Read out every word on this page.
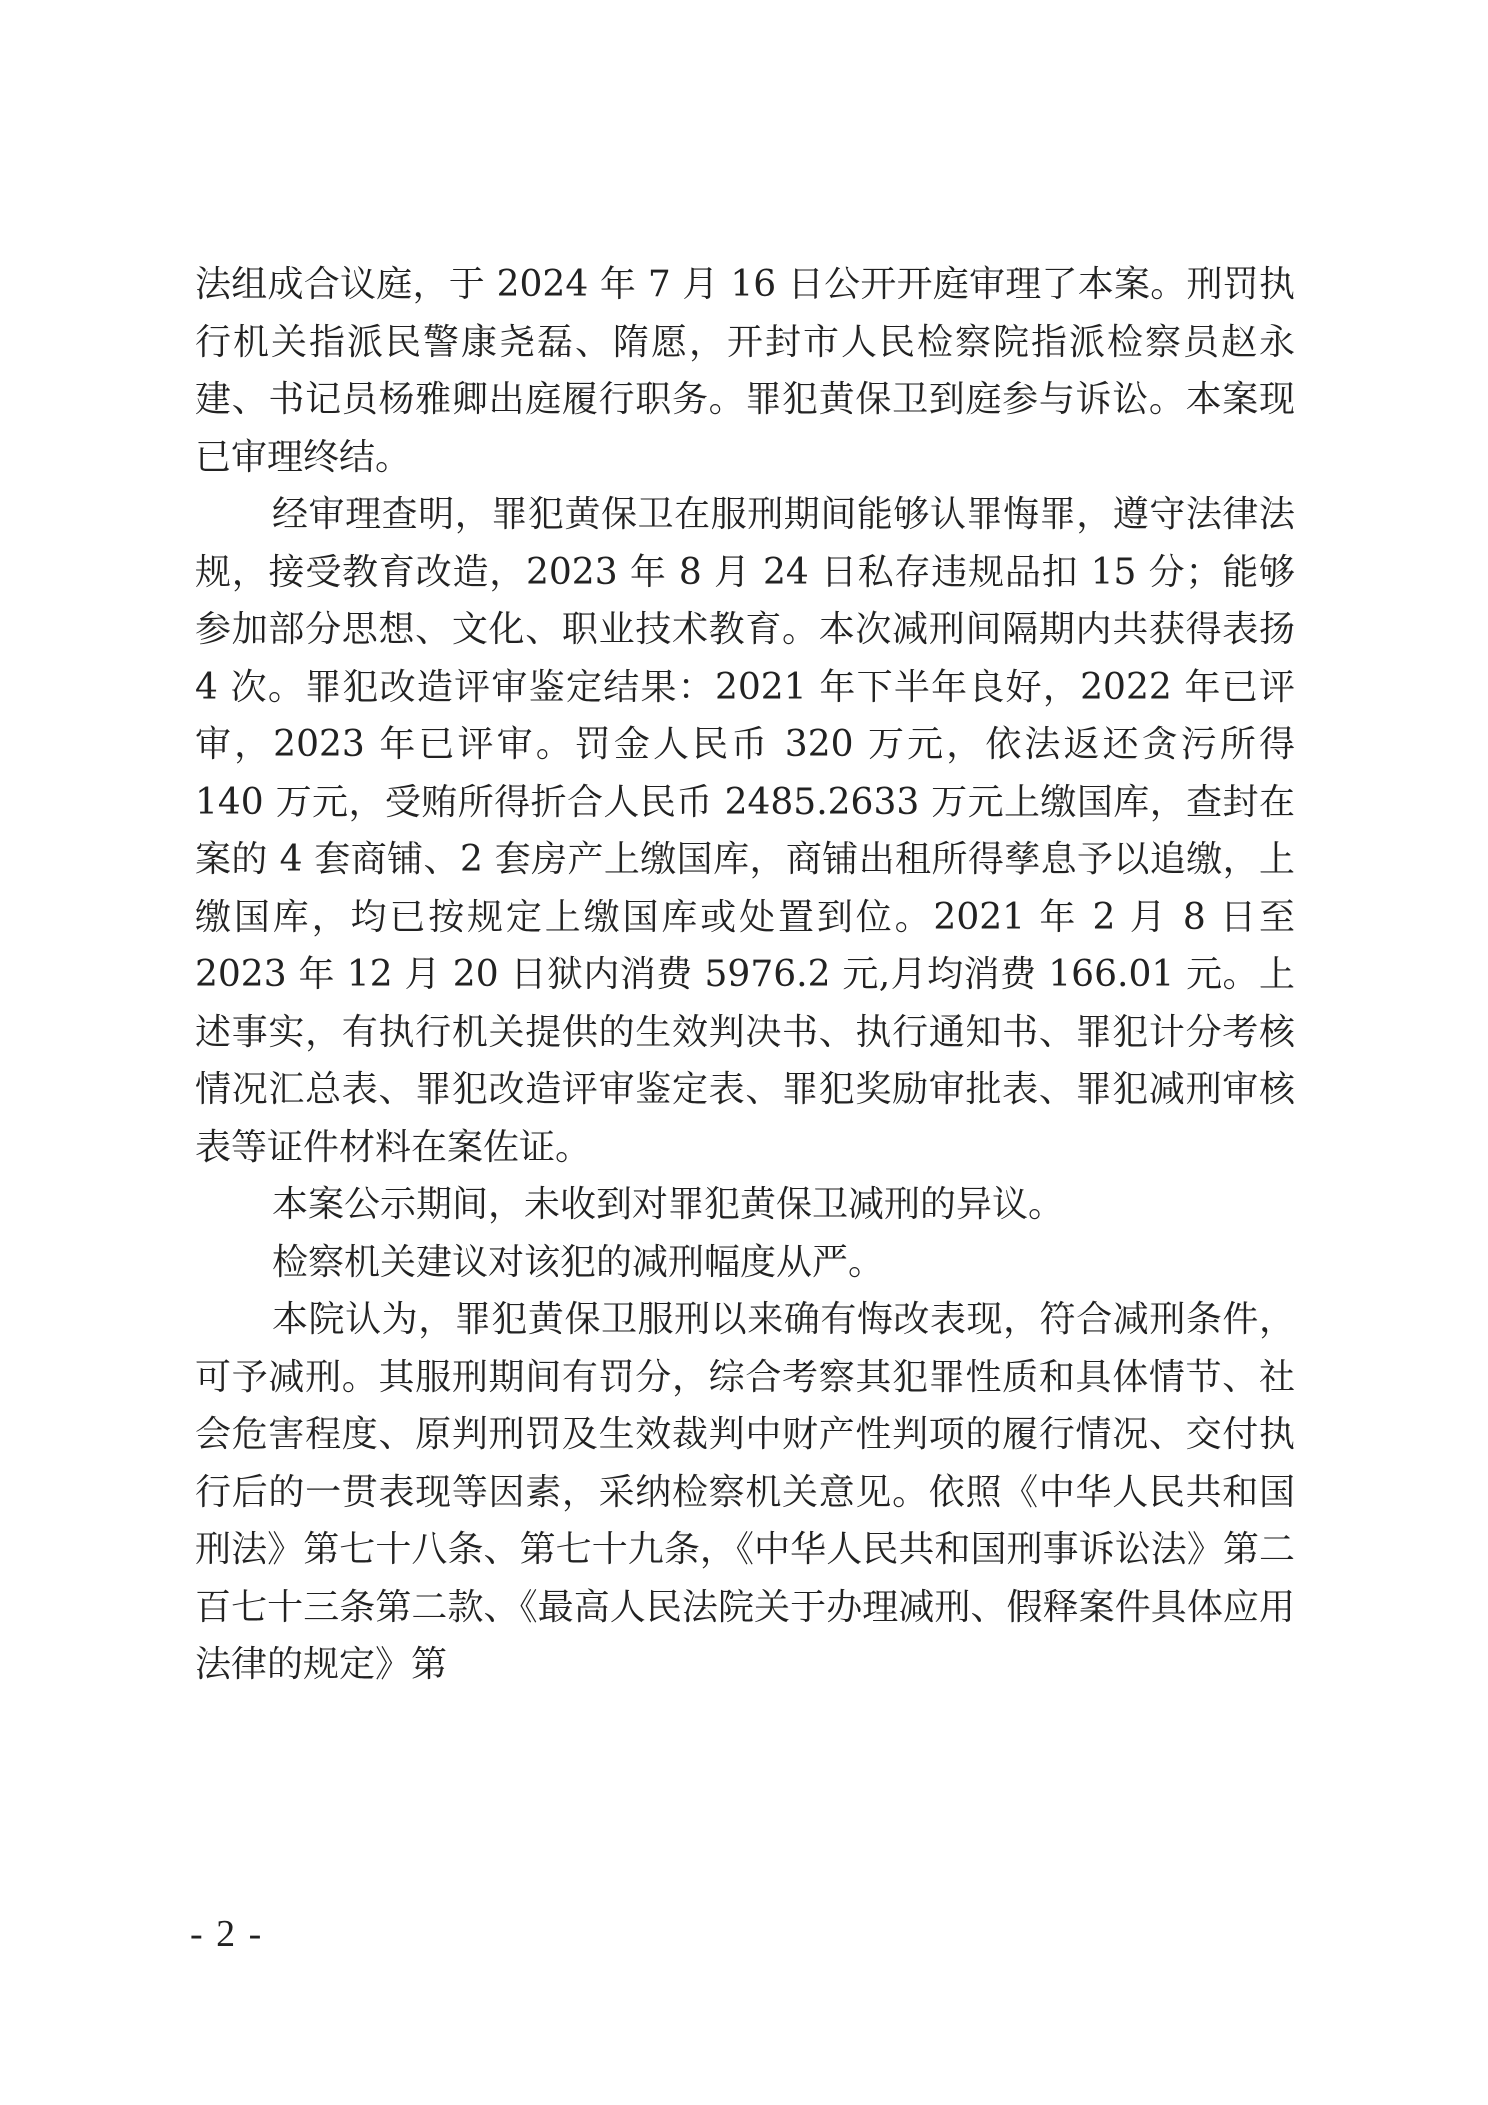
法组成合议庭，于 2024 年 7 月 16 日公开开庭审理了本案。刑罚执行机关指派民警康尧磊、隋愿，开封市人民检察院指派检察员赵永建、书记员杨雅卿出庭履行职务。罪犯黄保卫到庭参与诉讼。本案现已审理终结。

经审理查明，罪犯黄保卫在服刑期间能够认罪悔罪，遵守法律法规，接受教育改造，2023 年 8 月 24 日私存违规品扣 15 分；能够参加部分思想、文化、职业技术教育。本次减刑间隔期内共获得表扬 4 次。罪犯改造评审鉴定结果：2021 年下半年良好，2022 年已评审，2023 年已评审。罚金人民币 320 万元，依法返还贪污所得 140 万元，受贿所得折合人民币 2485.2633 万元上缴国库，查封在案的 4 套商铺、2 套房产上缴国库，商铺出租所得孳息予以追缴，上缴国库，均已按规定上缴国库或处置到位。2021 年 2 月 8 日至 2023 年 12 月 20 日狱内消费 5976.2 元,月均消费 166.01 元。上述事实，有执行机关提供的生效判决书、执行通知书、罪犯计分考核情况汇总表、罪犯改造评审鉴定表、罪犯奖励审批表、罪犯减刑审核表等证件材料在案佐证。

本案公示期间，未收到对罪犯黄保卫减刑的异议。

检察机关建议对该犯的减刑幅度从严。

本院认为，罪犯黄保卫服刑以来确有悔改表现，符合减刑条件，可予减刑。其服刑期间有罚分，综合考察其犯罪性质和具体情节、社会危害程度、原判刑罚及生效裁判中财产性判项的履行情况、交付执行后的一贯表现等因素，采纳检察机关意见。依照《中华人民共和国刑法》第七十八条、第七十九条，《中华人民共和国刑事诉讼法》第二百七十三条第二款、《最高人民法院关于办理减刑、假释案件具体应用法律的规定》第

- 2 -
